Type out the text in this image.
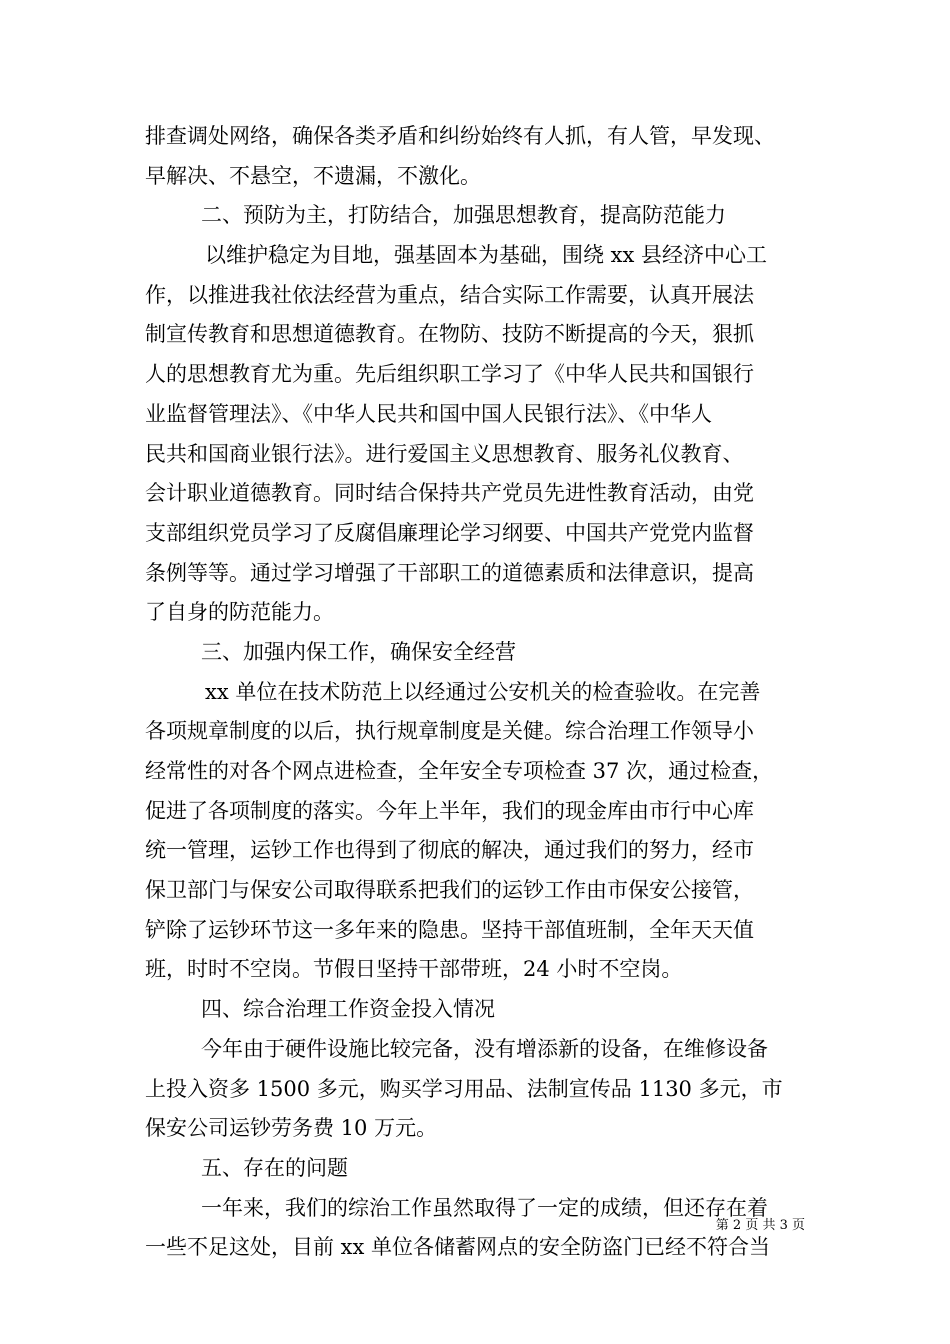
排查调处网络，确保各类矛盾和纠纷始终有人抓，有人管，早发现、
早解决、不悬空，不遗漏，不激化。
二、预防为主，打防结合，加强思想教育，提高防范能力
以维护稳定为目地，强基固本为基础，围绕 xx 县经济中心工
作，以推进我社依法经营为重点，结合实际工作需要，认真开展法
制宣传教育和思想道德教育。在物防、技防不断提高的今天，狠抓
人的思想教育尤为重。先后组织职工学习了《中华人民共和国银行
业监督管理法》、《中华人民共和国中国人民银行法》、《中华人
民共和国商业银行法》。进行爱国主义思想教育、服务礼仪教育、
会计职业道德教育。同时结合保持共产党员先进性教育活动，由党
支部组织党员学习了反腐倡廉理论学习纲要、中国共产党党内监督
条例等等。通过学习增强了干部职工的道德素质和法律意识，提高
了自身的防范能力。
三、加强内保工作，确保安全经营
xx 单位在技术防范上以经通过公安机关的检查验收。在完善
各项规章制度的以后，执行规章制度是关健。综合治理工作领导小
经常性的对各个网点进检查，全年安全专项检查 37 次，通过检查，
促进了各项制度的落实。今年上半年，我们的现金库由市行中心库
统一管理，运钞工作也得到了彻底的解决，通过我们的努力，经市
保卫部门与保安公司取得联系把我们的运钞工作由市保安公接管，
铲除了运钞环节这一多年来的隐患。坚持干部值班制，全年天天值
班，时时不空岗。节假日坚持干部带班，24 小时不空岗。
四、综合治理工作资金投入情况
今年由于硬件设施比较完备，没有增添新的设备，在维修设备
上投入资多 1500 多元，购买学习用品、法制宣传品 1130 多元，市
保安公司运钞劳务费 10 万元。
五、存在的问题
一年来，我们的综治工作虽然取得了一定的成绩，但还存在着
一些不足这处，目前 xx 单位各储蓄网点的安全防盗门已经不符合当
第 2 页 共 3 页
